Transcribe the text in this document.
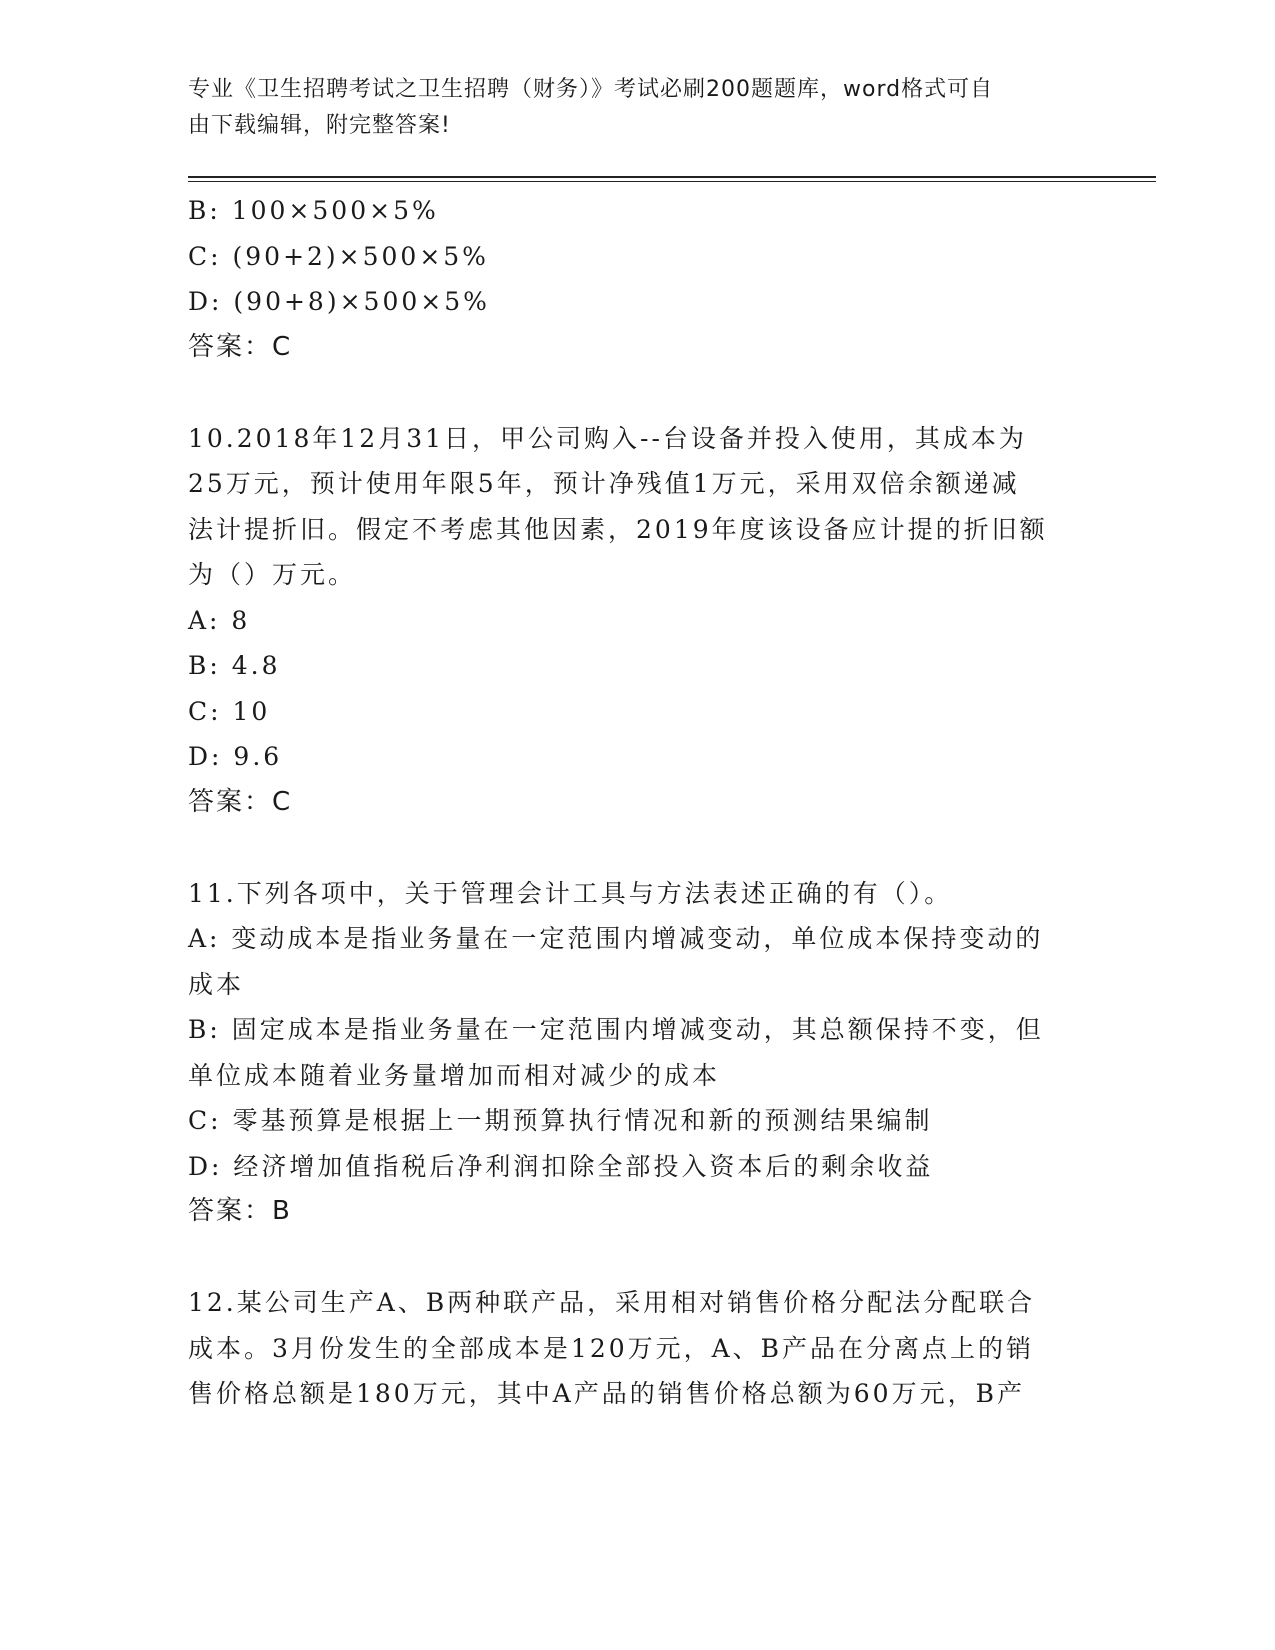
专业《卫生招聘考试之卫生招聘（财务）》考试必刷200题题库，word格式可自
由下载编辑，附完整答案!
B: 100×500×5%
C: (90+2)×500×5%
D: (90+8)×500×5%
答案：C
10.2018年12月31日，甲公司购入--台设备并投入使用，其成本为
25万元，预计使用年限5年，预计净残值1万元，采用双倍余额递减
法计提折旧。假定不考虑其他因素，2019年度该设备应计提的折旧额
为（）万元。
A: 8
B: 4.8
C: 10
D: 9.6
答案：C
11.下列各项中，关于管理会计工具与方法表述正确的有（）。
A: 变动成本是指业务量在一定范围内增减变动，单位成本保持变动的
成本
B: 固定成本是指业务量在一定范围内增减变动，其总额保持不变，但
单位成本随着业务量增加而相对减少的成本
C: 零基预算是根据上一期预算执行情况和新的预测结果编制
D: 经济增加值指税后净利润扣除全部投入资本后的剩余收益
答案：B
12.某公司生产A、B两种联产品，采用相对销售价格分配法分配联合
成本。3月份发生的全部成本是120万元，A、B产品在分离点上的销
售价格总额是180万元，其中A产品的销售价格总额为60万元，B产
